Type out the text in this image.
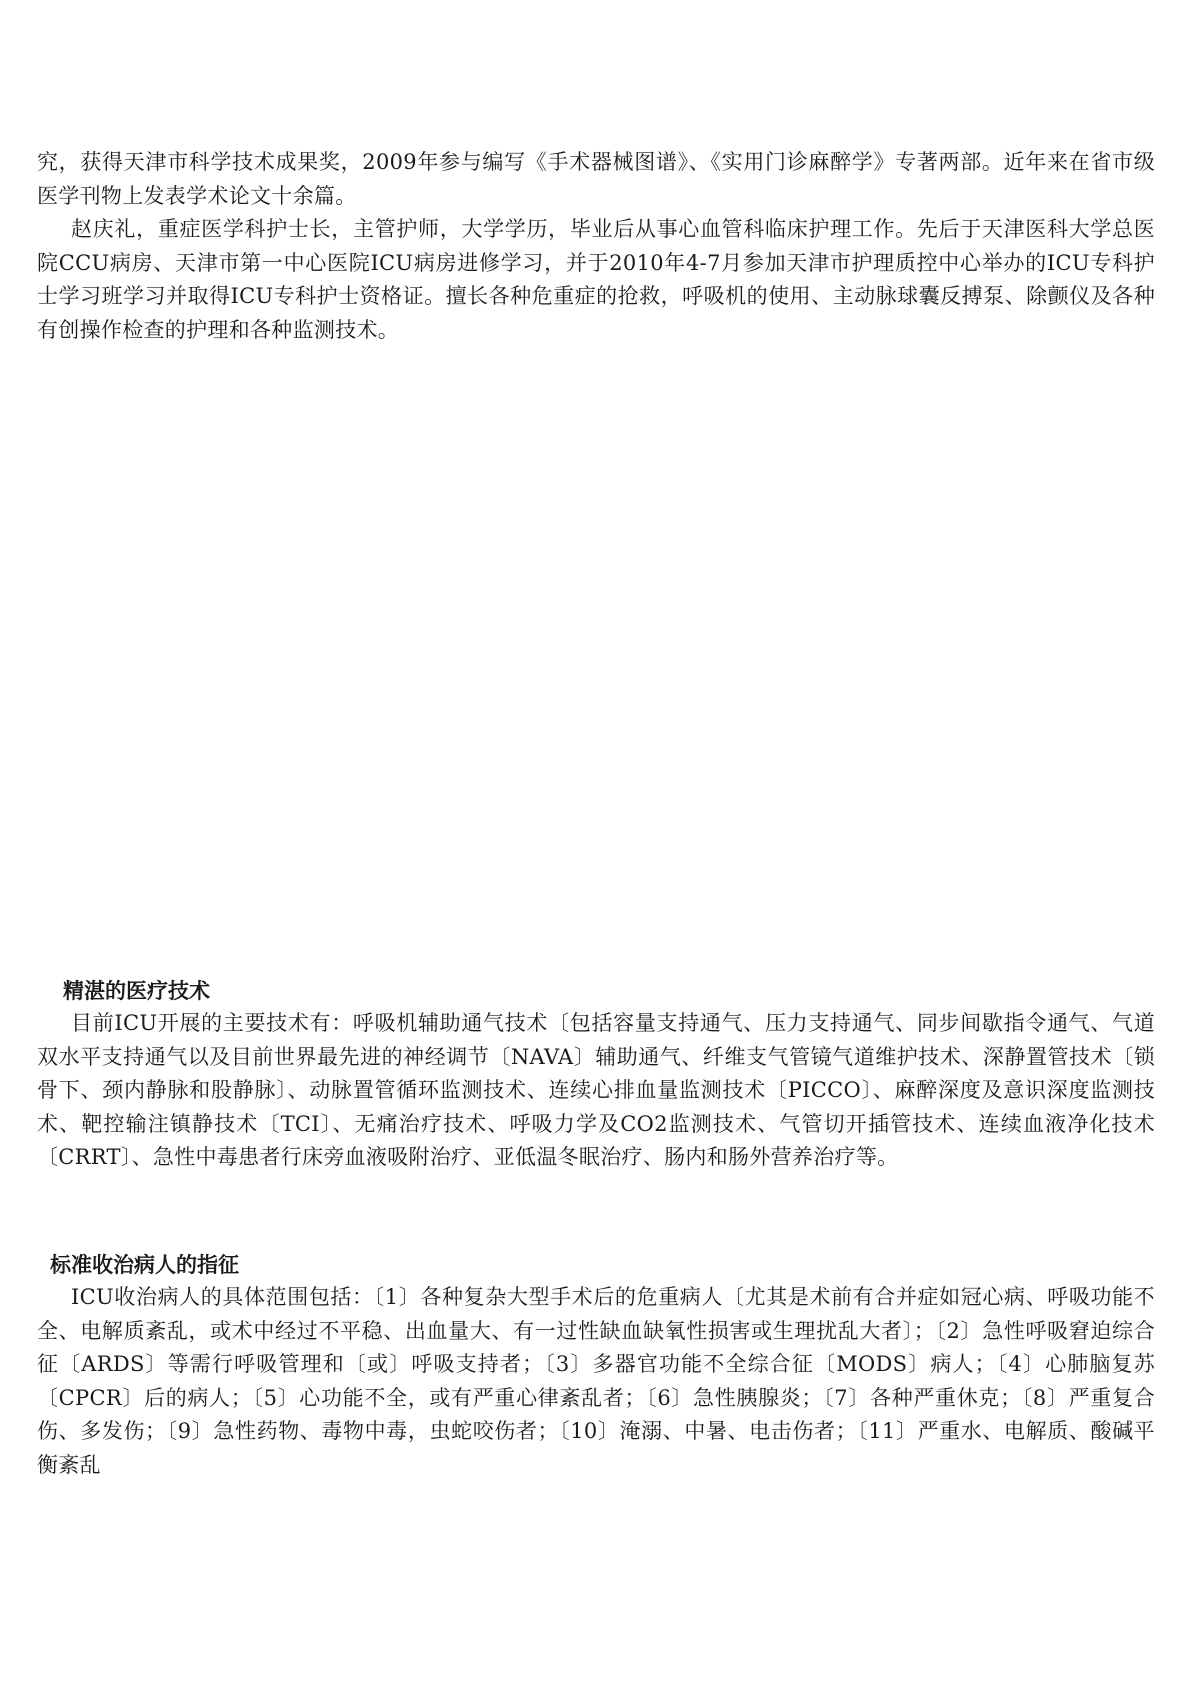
究，获得天津市科学技术成果奖，2009年参与编写《手术器械图谱》、《实用门诊麻醉学》专著两部。近年来在省市级医学刊物上发表学术论文十余篇。

赵庆礼，重症医学科护士长，主管护师，大学学历，毕业后从事心血管科临床护理工作。先后于天津医科大学总医院CCU病房、天津市第一中心医院ICU病房进修学习，并于2010年4-7月参加天津市护理质控中心举办的ICU专科护士学习班学习并取得ICU专科护士资格证。擅长各种危重症的抢救，呼吸机的使用、主动脉球囊反搏泵、除颤仪及各种有创操作检查的护理和各种监测技术。

精湛的医疗技术

目前ICU开展的主要技术有：呼吸机辅助通气技术〔包括容量支持通气、压力支持通气、同步间歇指令通气、气道双水平支持通气以及目前世界最先进的神经调节〔NAVA〕辅助通气、纤维支气管镜气道维护技术、深静置管技术〔锁骨下、颈内静脉和股静脉〕、动脉置管循环监测技术、连续心排血量监测技术〔PICCO〕、麻醉深度及意识深度监测技术、靶控输注镇静技术〔TCI〕、无痛治疗技术、呼吸力学及CO2监测技术、气管切开插管技术、连续血液净化技术〔CRRT〕、急性中毒患者行床旁血液吸附治疗、亚低温冬眠治疗、肠内和肠外营养治疗等。

标准收治病人的指征

ICU收治病人的具体范围包括：〔1〕各种复杂大型手术后的危重病人〔尤其是术前有合并症如冠心病、呼吸功能不全、电解质紊乱，或术中经过不平稳、出血量大、有一过性缺血缺氧性损害或生理扰乱大者〕；〔2〕急性呼吸窘迫综合征〔ARDS〕等需行呼吸管理和〔或〕呼吸支持者；〔3〕多器官功能不全综合征〔MODS〕病人；〔4〕心肺脑复苏〔CPCR〕后的病人；〔5〕心功能不全，或有严重心律紊乱者；〔6〕急性胰腺炎；〔7〕各种严重休克；〔8〕严重复合伤、多发伤；〔9〕急性药物、毒物中毒，虫蛇咬伤者；〔10〕淹溺、中暑、电击伤者；〔11〕严重水、电解质、酸碱平衡紊乱
